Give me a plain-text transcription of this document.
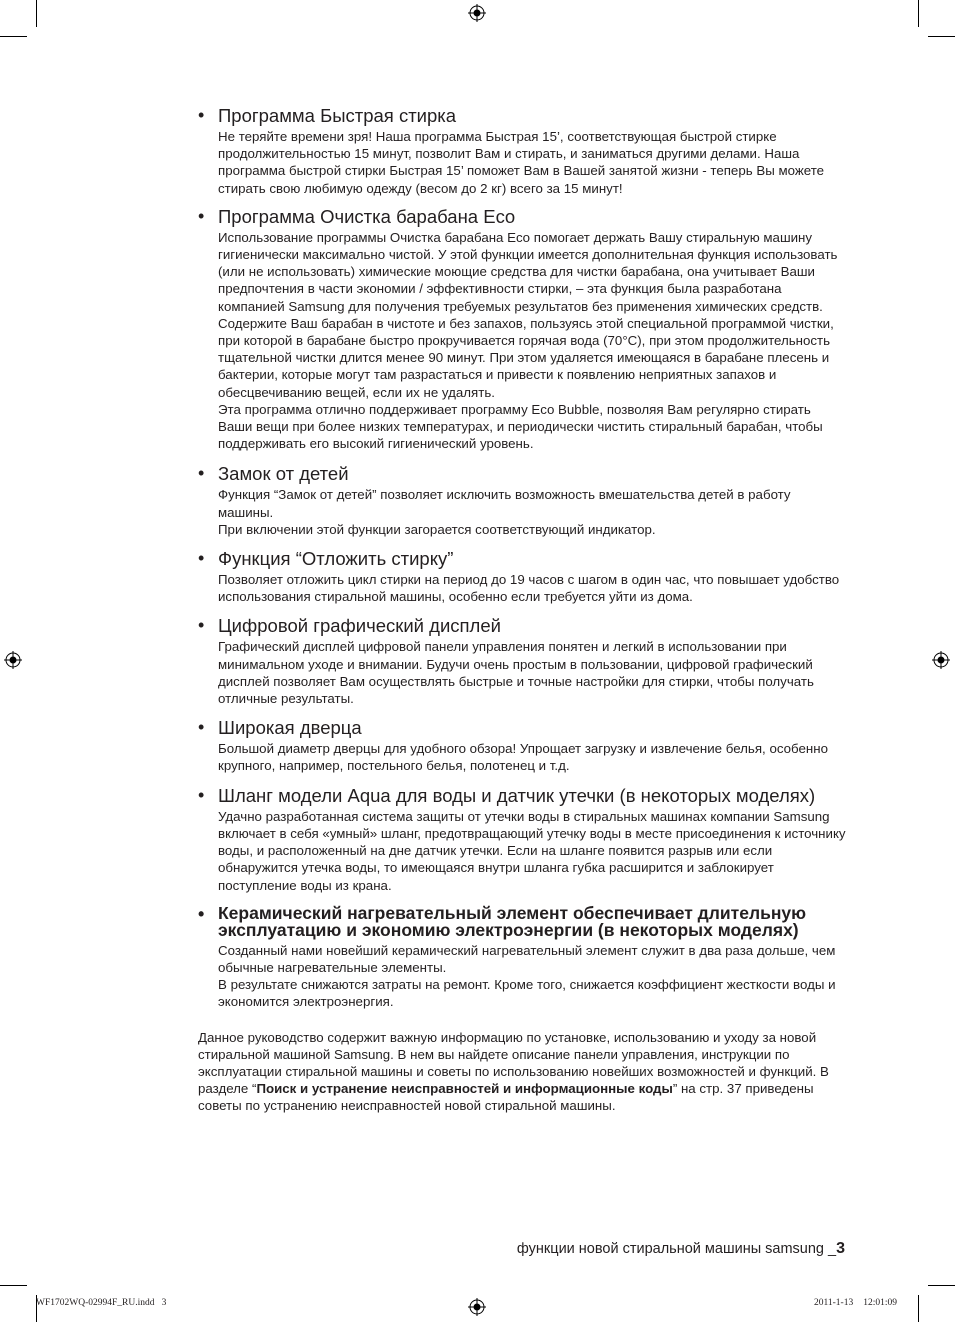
• Программа Быстрая стирка

Не теряйте времени зря! Наша программа Быстрая 15’, соответствующая быстрой стирке продолжительностью 15 минут, позволит Вам и стирать, и заниматься другими делами. Наша программа быстрой стирки Быстрая 15’ поможет Вам в Вашей занятой жизни - теперь Вы можете стирать свою любимую одежду (весом до 2 кг) всего за 15 минут!

• Программа Очистка барабана Eco

Использование программы Очистка барабана Eco помогает держать Вашу стиральную машину гигиенически максимально чистой. У этой функции имеется дополнительная функция использовать (или не использовать) химические моющие средства для чистки барабана, она учитывает Ваши предпочтения в части экономии / эффективности стирки, – эта функция была разработана компанией Samsung для получения требуемых результатов без применения химических средств. Содержите Ваш барабан в чистоте и без запахов, пользуясь этой специальной программой чистки, при которой в барабане быстро прокручивается горячая вода (70°C), при этом продолжительность тщательной чистки длится менее 90 минут. При этом удаляется имеющаяся в барабане плесень и бактерии, которые могут там разрастаться и привести к появлению неприятных запахов и обесцвечиванию вещей, если их не удалять.

Эта программа отлично поддерживает программу Eco Bubble, позволяя Вам регулярно стирать Ваши вещи при более низких температурах, и периодически чистить стиральный барабан, чтобы поддерживать его высокий гигиенический уровень.

• Замок от детей

Функция “Замок от детей” позволяет исключить возможность вмешательства детей в работу машины.

При включении этой функции загорается соответствующий индикатор.

• Функция “Отложить стирку”

Позволяет отложить цикл стирки на период до 19 часов с шагом в один час, что повышает удобство использования стиральной машины, особенно если требуется уйти из дома.

• Цифровой графический дисплей

Графический дисплей цифровой панели управления понятен и легкий в использовании при минимальном уходе и внимании. Будучи очень простым в пользовании, цифровой графический дисплей позволяет Вам осуществлять быстрые и точные настройки для стирки, чтобы получать отличные результаты.

• Широкая дверца

Большой диаметр дверцы для удобного обзора! Упрощает загрузку и извлечение белья, особенно крупного, например, постельного белья, полотенец и т.д.

• Шланг модели Aqua для воды и датчик утечки (в некоторых моделях)

Удачно разработанная система защиты от утечки воды в стиральных машинах компании Samsung включает в себя «умный» шланг, предотвращающий утечку воды в месте присоединения к источнику воды, и расположенный на дне датчик утечки. Если на шланге появится разрыв или если обнаружится утечка воды, то имеющаяся внутри шланга губка расширится и заблокирует поступление воды из крана.

• Керамический нагревательный элемент обеспечивает длительную эксплуатацию и экономию электроэнергии (в некоторых моделях)

Созданный нами новейший керамический нагревательный элемент служит в два раза дольше, чем обычные нагревательные элементы.

В результате снижаются затраты на ремонт. Кроме того, снижается коэффициент жесткости воды и экономится электроэнергия.

Данное руководство содержит важную информацию по установке, использованию и уходу за новой стиральной машиной Samsung. В нем вы найдете описание панели управления, инструкции по эксплуатации стиральной машины и советы по использованию новейших возможностей и функций. В разделе “Поиск и устранение неисправностей и информационные коды” на стр. 37 приведены советы по устранению неисправностей новой стиральной машины.

функции новой стиральной машины samsung _3
WF1702WQ-02994F_RU.indd   3	2011-1-13 12:01:09
